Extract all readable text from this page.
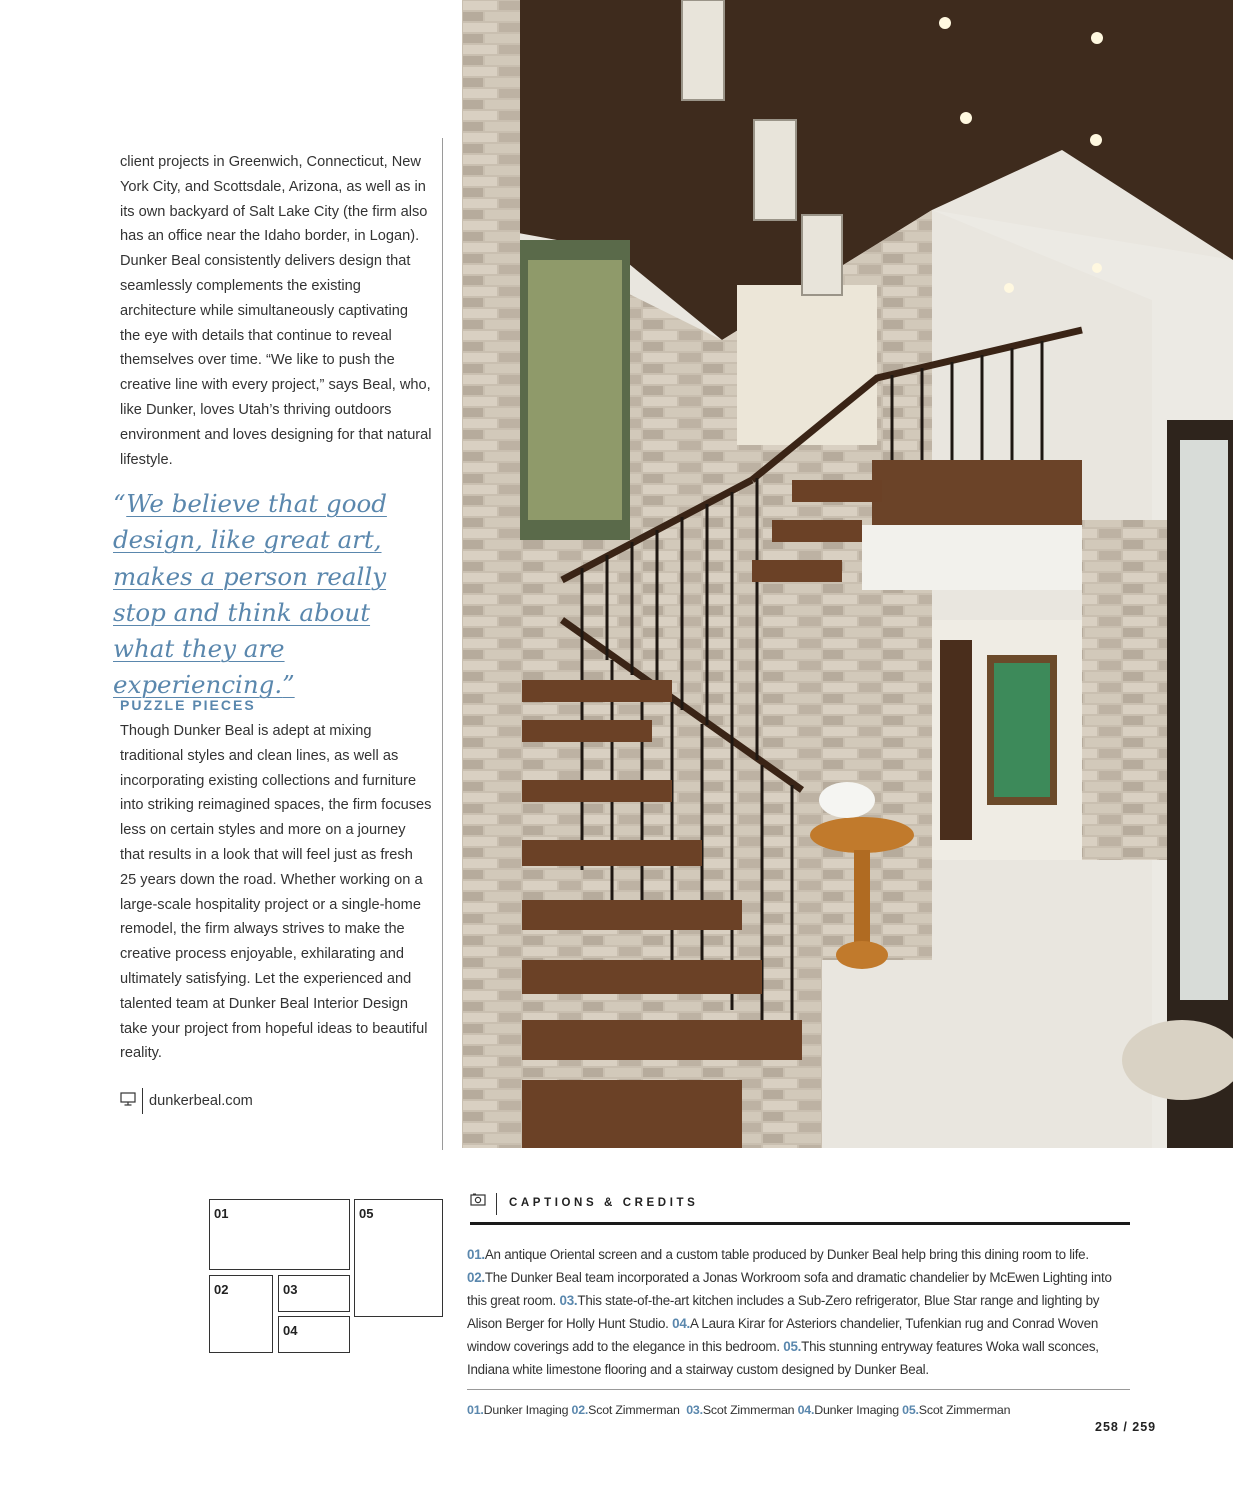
client projects in Greenwich, Connecticut, New York City, and Scottsdale, Arizona, as well as in its own backyard of Salt Lake City (the firm also has an office near the Idaho border, in Logan). Dunker Beal consistently delivers design that seamlessly complements the existing architecture while simultaneously captivating the eye with details that continue to reveal themselves over time. “We like to push the creative line with every project,” says Beal, who, like Dunker, loves Utah’s thriving outdoors environment and loves designing for that natural lifestyle.
“We believe that good design, like great art, makes a person really stop and think about what they are experiencing.”
PUZZLE PIECES
Though Dunker Beal is adept at mixing traditional styles and clean lines, as well as incorporating existing collections and furniture into striking reimagined spaces, the firm focuses less on certain styles and more on a journey that results in a look that will feel just as fresh 25 years down the road. Whether working on a large-scale hospitality project or a single-home remodel, the firm always strives to make the creative process enjoyable, exhilarating and ultimately satisfying. Let the experienced and talented team at Dunker Beal Interior Design take your project from hopeful ideas to beautiful reality.
dunkerbeal.com
01	05
02	03
04
CAPTIONS & CREDITS
01.An antique Oriental screen and a custom table produced by Dunker Beal help bring this dining room to life. 02.The Dunker Beal team incorporated a Jonas Workroom sofa and dramatic chandelier by McEwen Lighting into this great room. 03.This state-of-the-art kitchen includes a Sub-Zero refrigerator, Blue Star range and lighting by Alison Berger for Holly Hunt Studio. 04.A Laura Kirar for Asteriors chandelier, Tufenkian rug and Conrad Woven window coverings add to the elegance in this bedroom. 05.This stunning entryway features Woka wall sconces, Indiana white limestone flooring and a stairway custom designed by Dunker Beal.
01.Dunker Imaging 02.Scot Zimmerman 03.Scot Zimmerman 04.Dunker Imaging 05.Scot Zimmerman
258 / 259
